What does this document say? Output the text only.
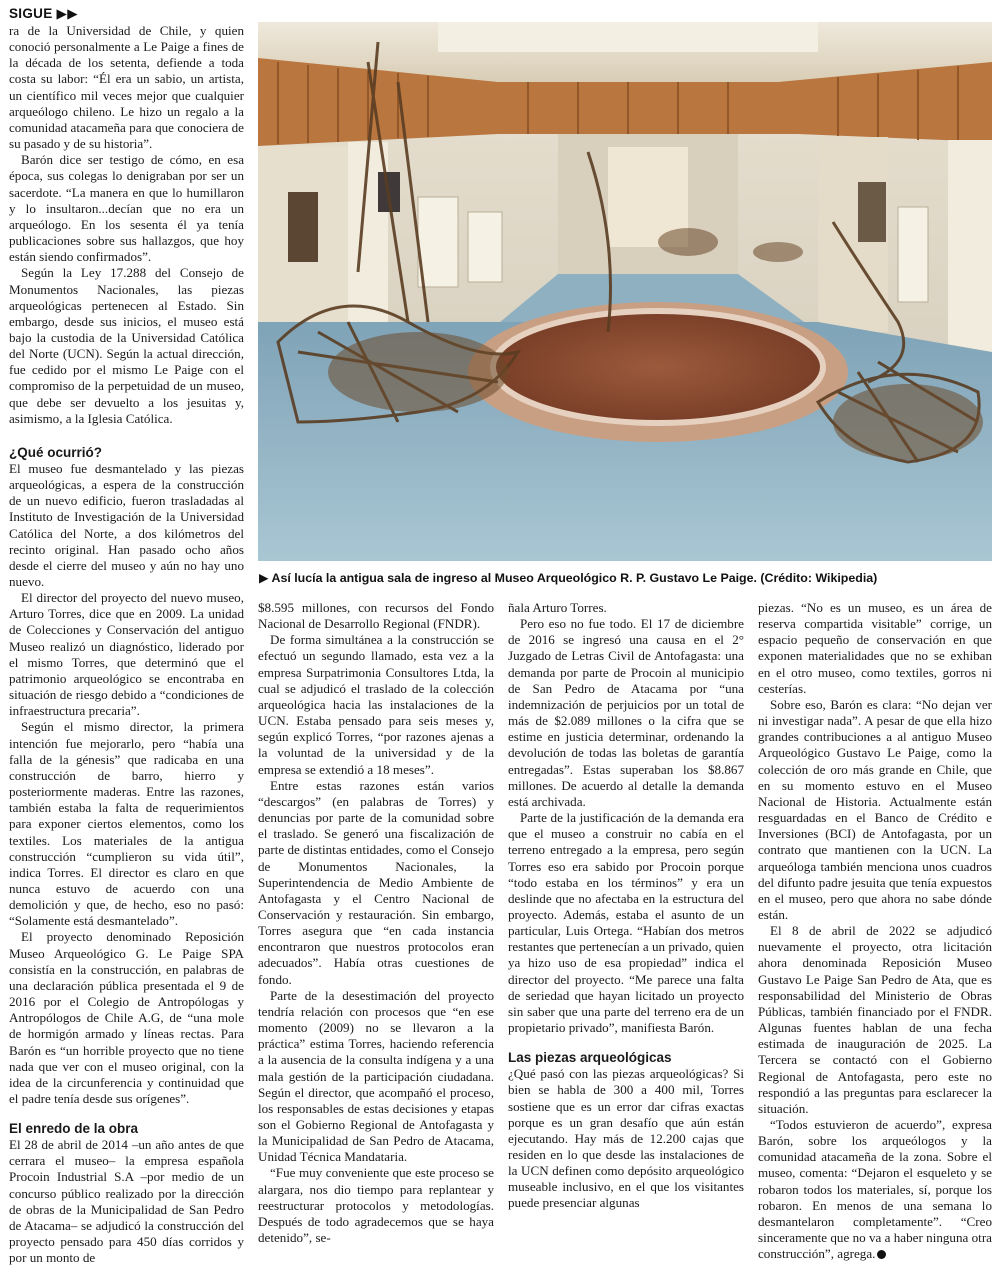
SIGUE ▶▶

ra de la Universidad de Chile, y quien conoció personalmente a Le Paige a fines de la década de los setenta, defiende a toda costa su labor: “Él era un sabio, un artista, un científico mil veces mejor que cualquier arqueólogo chileno. Le hizo un regalo a la comunidad atacameña para que conociera de su pasado y de su historia”.

Barón dice ser testigo de cómo, en esa época, sus colegas lo denigraban por ser un sacerdote. “La manera en que lo humillaron y lo insultaron...decían que no era un arqueólogo. En los sesenta él ya tenía publicaciones sobre sus hallazgos, que hoy están siendo confirmados”.

Según la Ley 17.288 del Consejo de Monumentos Nacionales, las piezas arqueológicas pertenecen al Estado. Sin embargo, desde sus inicios, el museo está bajo la custodia de la Universidad Católica del Norte (UCN). Según la actual dirección, fue cedido por el mismo Le Paige con el compromiso de la perpetuidad de un museo, que debe ser devuelto a los jesuitas y, asimismo, a la Iglesia Católica.

¿Qué ocurrió?

El museo fue desmantelado y las piezas arqueológicas, a espera de la construcción de un nuevo edificio, fueron trasladadas al Instituto de Investigación de la Universidad Católica del Norte, a dos kilómetros del recinto original. Han pasado ocho años desde el cierre del museo y aún no hay uno nuevo.

El director del proyecto del nuevo museo, Arturo Torres, dice que en 2009. La unidad de Colecciones y Conservación del antiguo Museo realizó un diagnóstico, liderado por el mismo Torres, que determinó que el patrimonio arqueológico se encontraba en situación de riesgo debido a “condiciones de infraestructura precaria”.

Según el mismo director, la primera intención fue mejorarlo, pero “había una falla de la génesis” que radicaba en una construcción de barro, hierro y posteriormente maderas. Entre las razones, también estaba la falta de requerimientos para exponer ciertos elementos, como los textiles. Los materiales de la antigua construcción “cumplieron su vida útil”, indica Torres. El director es claro en que nunca estuvo de acuerdo con una demolición y que, de hecho, eso no pasó: “Solamente está desmantelado”.

El proyecto denominado Reposición Museo Arqueológico G. Le Paige SPA consistía en la construcción, en palabras de una declaración pública presentada el 9 de 2016 por el Colegio de Antropólogas y Antropólogos de Chile A.G, de “una mole de hormigón armado y líneas rectas. Para Barón es “un horrible proyecto que no tiene nada que ver con el museo original, con la idea de la circunferencia y continuidad que el padre tenía desde sus orígenes”.

El enredo de la obra

El 28 de abril de 2014 –un año antes de que cerrara el museo– la empresa española Procoin Industrial S.A –por medio de un concurso público realizado por la dirección de obras de la Municipalidad de San Pedro de Atacama– se adjudicó la construcción del proyecto pensado para 450 días corridos y por un monto de

▶ Así lucía la antigua sala de ingreso al Museo Arqueológico R. P. Gustavo Le Paige. (Crédito: Wikipedia)

$8.595 millones, con recursos del Fondo Nacional de Desarrollo Regional (FNDR).

De forma simultánea a la construcción se efectuó un segundo llamado, esta vez a la empresa Surpatrimonia Consultores Ltda, la cual se adjudicó el traslado de la colección arqueológica hacia las instalaciones de la UCN. Estaba pensado para seis meses y, según explicó Torres, “por razones ajenas a la voluntad de la universidad y de la empresa se extendió a 18 meses”.

Entre estas razones están varios “descargos” (en palabras de Torres) y denuncias por parte de la comunidad sobre el traslado. Se generó una fiscalización de parte de distintas entidades, como el Consejo de Monumentos Nacionales, la Superintendencia de Medio Ambiente de Antofagasta y el Centro Nacional de Conservación y restauración. Sin embargo, Torres asegura que “en cada instancia encontraron que nuestros protocolos eran adecuados”. Había otras cuestiones de fondo.

Parte de la desestimación del proyecto tendría relación con procesos que “en ese momento (2009) no se llevaron a la práctica” estima Torres, haciendo referencia a la ausencia de la consulta indígena y a una mala gestión de la participación ciudadana. Según el director, que acompañó el proceso, los responsables de estas decisiones y etapas son el Gobierno Regional de Antofagasta y la Municipalidad de San Pedro de Atacama, Unidad Técnica Mandataria.

“Fue muy conveniente que este proceso se alargara, nos dio tiempo para replantear y reestructurar protocolos y metodologías. Después de todo agradecemos que se haya detenido”, se-

ñala Arturo Torres.

Pero eso no fue todo. El 17 de diciembre de 2016 se ingresó una causa en el 2° Juzgado de Letras Civil de Antofagasta: una demanda por parte de Procoin al municipio de San Pedro de Atacama por “una indemnización de perjuicios por un total de más de $2.089 millones o la cifra que se estime en justicia determinar, ordenando la devolución de todas las boletas de garantía entregadas”. Estas superaban los $8.867 millones. De acuerdo al detalle la demanda está archivada.

Parte de la justificación de la demanda era que el museo a construir no cabía en el terreno entregado a la empresa, pero según Torres eso era sabido por Procoin porque “todo estaba en los términos” y era un deslinde que no afectaba en la estructura del proyecto. Además, estaba el asunto de un particular, Luis Ortega. “Habían dos metros restantes que pertenecían a un privado, quien ya hizo uso de esa propiedad” indica el director del proyecto. “Me parece una falta de seriedad que hayan licitado un proyecto sin saber que una parte del terreno era de un propietario privado”, manifiesta Barón.

Las piezas arqueológicas

¿Qué pasó con las piezas arqueológicas? Si bien se habla de 300 a 400 mil, Torres sostiene que es un error dar cifras exactas porque es un gran desafío que aún están ejecutando. Hay más de 12.200 cajas que residen en lo que desde las instalaciones de la UCN definen como depósito arqueológico museable inclusivo, en el que los visitantes puede presenciar algunas

piezas. “No es un museo, es un área de reserva compartida visitable” corrige, un espacio pequeño de conservación en que exponen materialidades que no se exhiban en el otro museo, como textiles, gorros ni cesterías.

Sobre eso, Barón es clara: “No dejan ver ni investigar nada”. A pesar de que ella hizo grandes contribuciones a al antiguo Museo Arqueológico Gustavo Le Paige, como la colección de oro más grande en Chile, que en su momento estuvo en el Museo Nacional de Historia. Actualmente están resguardadas en el Banco de Crédito e Inversiones (BCI) de Antofagasta, por un contrato que mantienen con la UCN. La arqueóloga también menciona unos cuadros del difunto padre jesuita que tenía expuestos en el museo, pero que ahora no sabe dónde están.

El 8 de abril de 2022 se adjudicó nuevamente el proyecto, otra licitación ahora denominada Reposición Museo Gustavo Le Paige San Pedro de Ata, que es responsabilidad del Ministerio de Obras Públicas, también financiado por el FNDR. Algunas fuentes hablan de una fecha estimada de inauguración de 2025. La Tercera se contactó con el Gobierno Regional de Antofagasta, pero este no respondió a las preguntas para esclarecer la situación.

“Todos estuvieron de acuerdo”, expresa Barón, sobre los arqueólogos y la comunidad atacameña de la zona. Sobre el museo, comenta: “Dejaron el esqueleto y se robaron todos los materiales, sí, porque los robaron. En menos de una semana lo desmantelaron completamente”. “Creo sinceramente que no va a haber ninguna otra construcción”, agrega.
